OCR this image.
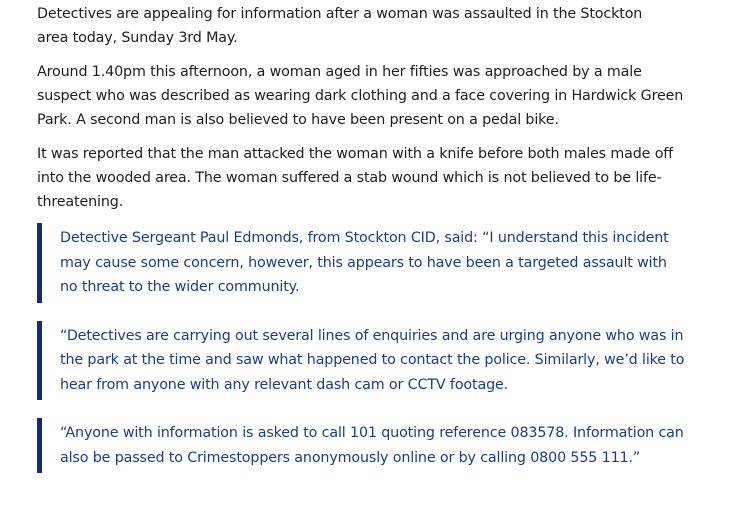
Detectives are appealing for information after a woman was assaulted in the Stockton area today, Sunday 3rd May.

Around 1.40pm this afternoon, a woman aged in her fifties was approached by a male suspect who was described as wearing dark clothing and a face covering in Hardwick Green Park. A second man is also believed to have been present on a pedal bike.

It was reported that the man attacked the woman with a knife before both males made off into the wooded area. The woman suffered a stab wound which is not believed to be life-threatening.

Detective Sergeant Paul Edmonds, from Stockton CID, said: “I understand this incident may cause some concern, however, this appears to have been a targeted assault with no threat to the wider community.

“Detectives are carrying out several lines of enquiries and are urging anyone who was in the park at the time and saw what happened to contact the police. Similarly, we’d like to hear from anyone with any relevant dash cam or CCTV footage.

“Anyone with information is asked to call 101 quoting reference 083578. Information can also be passed to Crimestoppers anonymously online or by calling 0800 555 111.”
